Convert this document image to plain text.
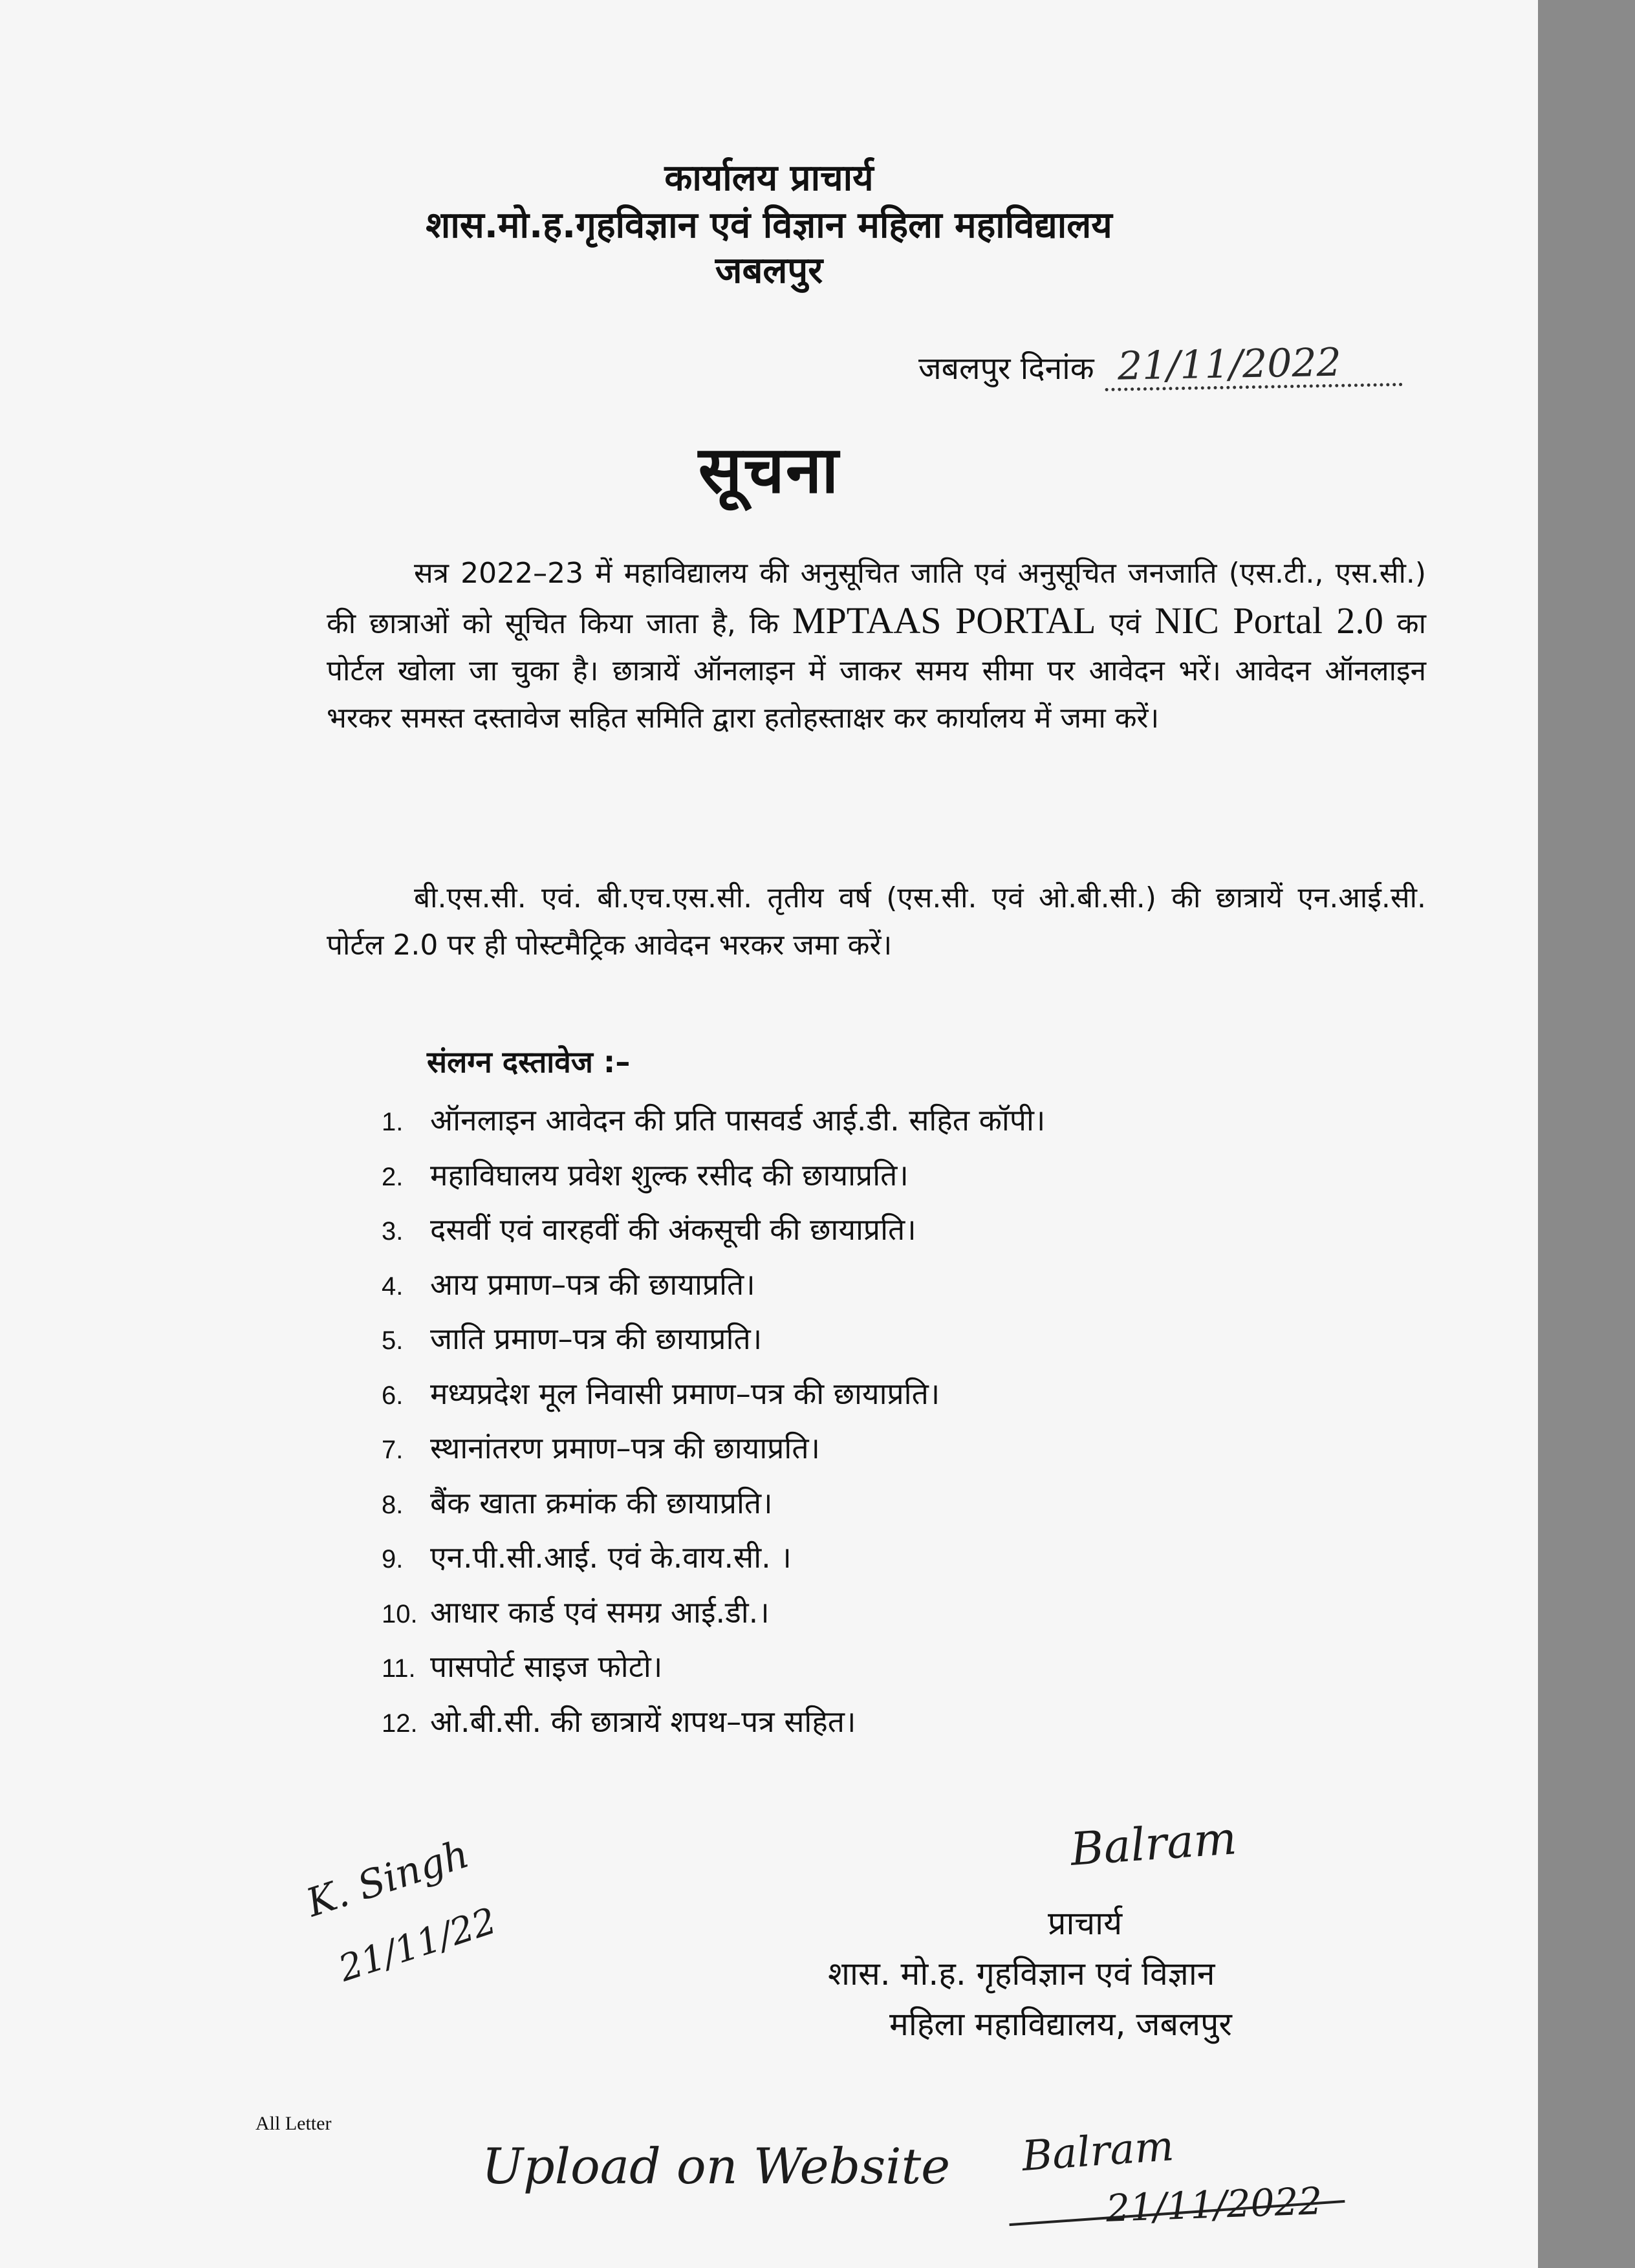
कार्यालय प्राचार्य
शास.मो.ह.गृहविज्ञान एवं विज्ञान महिला महाविद्यालय
जबलपुर
जबलपुर दिनांक 21/11/2022
सूचना
सत्र 2022–23 में महाविद्यालय की अनुसूचित जाति एवं अनुसूचित जनजाति (एस.टी., एस.सी.) की छात्राओं को सूचित किया जाता है, कि MPTAAS PORTAL एवं NIC Portal 2.0 का पोर्टल खोला जा चुका है। छात्रायें ऑनलाइन में जाकर समय सीमा पर आवेदन भरें। आवेदन ऑनलाइन भरकर समस्त दस्तावेज सहित समिति द्वारा हतोहस्ताक्षर कर कार्यालय में जमा करें।
बी.एस.सी. एवं. बी.एच.एस.सी. तृतीय वर्ष (एस.सी. एवं ओ.बी.सी.) की छात्रायें एन.आई.सी. पोर्टल 2.0 पर ही पोस्टमैट्रिक आवेदन भरकर जमा करें।
संलग्न दस्तावेज :–
1. ऑनलाइन आवेदन की प्रति पासवर्ड आई.डी. सहित कॉपी।
2. महाविघालय प्रवेश शुल्क रसीद की छायाप्रति।
3. दसवीं एवं वारहवीं की अंकसूची की छायाप्रति।
4. आय प्रमाण–पत्र की छायाप्रति।
5. जाति प्रमाण–पत्र की छायाप्रति।
6. मध्यप्रदेश मूल निवासी प्रमाण–पत्र की छायाप्रति।
7. स्थानांतरण प्रमाण–पत्र की छायाप्रति।
8. बैंक खाता क्रमांक की छायाप्रति।
9. एन.पी.सी.आई. एवं के.वाय.सी. ।
10. आधार कार्ड एवं समग्र आई.डी.।
11. पासपोर्ट साइज फोटो।
12. ओ.बी.सी. की छात्रायें शपथ–पत्र सहित।
Balram
प्राचार्य
शास. मो.ह. गृहविज्ञान एवं विज्ञान
महिला महाविद्यालय, जबलपुर
K. Singh
21/11/22
All Letter
Upload on Website Balram
21/11/2022
